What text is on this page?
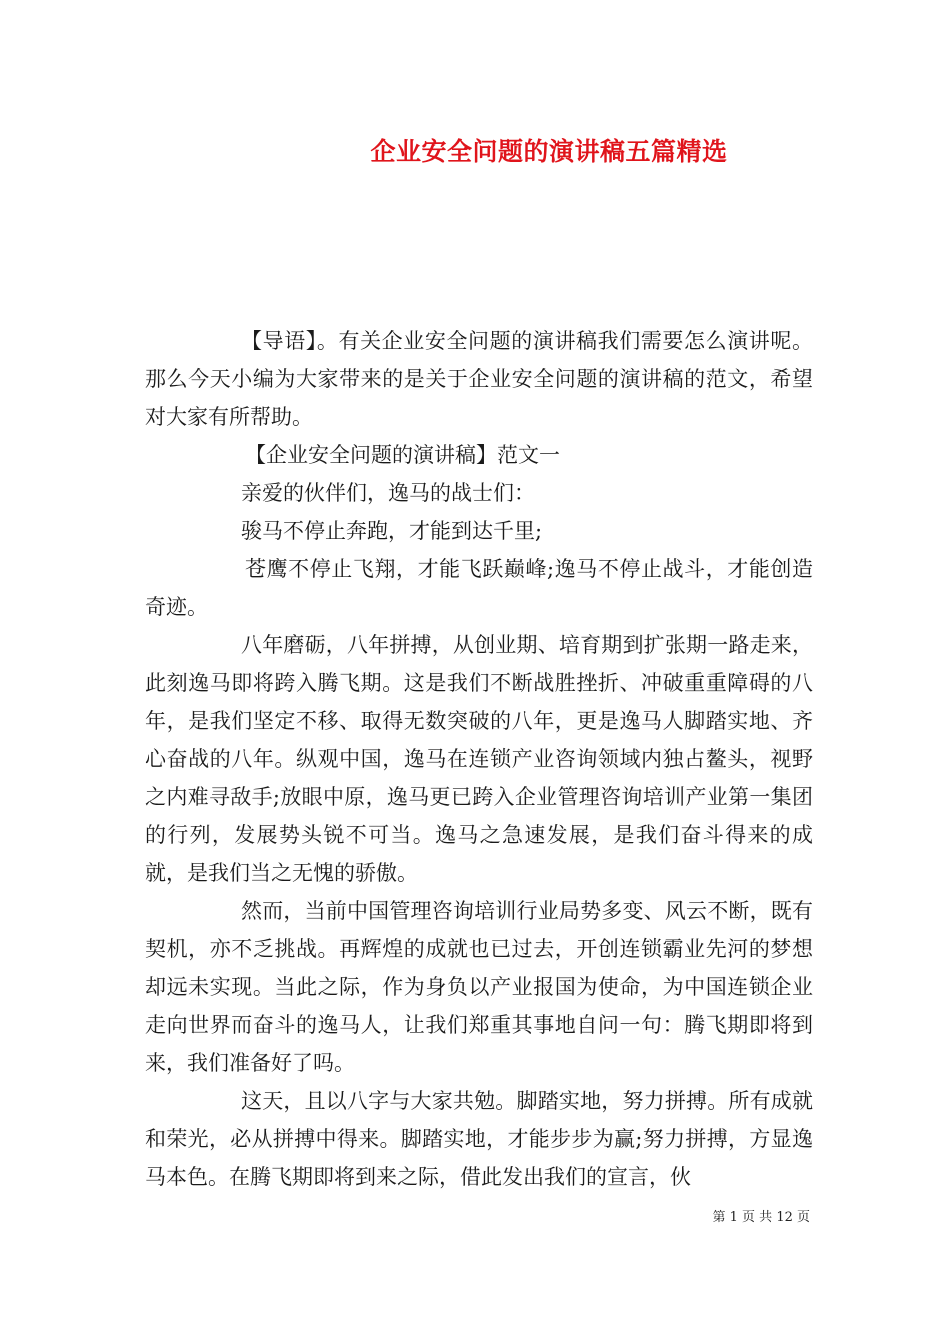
企业安全问题的演讲稿五篇精选

【导语】。有关企业安全问题的演讲稿我们需要怎么演讲呢。那么今天小编为大家带来的是关于企业安全问题的演讲稿的范文，希望对大家有所帮助。

【企业安全问题的演讲稿】范文一

亲爱的伙伴们，逸马的战士们：

骏马不停止奔跑，才能到达千里;

苍鹰不停止飞翔，才能飞跃巅峰;逸马不停止战斗，才能创造奇迹。

八年磨砺，八年拼搏，从创业期、培育期到扩张期一路走来，此刻逸马即将跨入腾飞期。这是我们不断战胜挫折、冲破重重障碍的八年，是我们坚定不移、取得无数突破的八年，更是逸马人脚踏实地、齐心奋战的八年。纵观中国，逸马在连锁产业咨询领域内独占鳌头，视野之内难寻敌手;放眼中原，逸马更已跨入企业管理咨询培训产业第一集团的行列，发展势头锐不可当。逸马之急速发展，是我们奋斗得来的成就，是我们当之无愧的骄傲。

然而，当前中国管理咨询培训行业局势多变、风云不断，既有契机，亦不乏挑战。再辉煌的成就也已过去，开创连锁霸业先河的梦想却远未实现。当此之际，作为身负以产业报国为使命，为中国连锁企业走向世界而奋斗的逸马人，让我们郑重其事地自问一句：腾飞期即将到来，我们准备好了吗。

这天，且以八字与大家共勉。脚踏实地，努力拼搏。所有成就和荣光，必从拼搏中得来。脚踏实地，才能步步为赢;努力拼搏，方显逸马本色。在腾飞期即将到来之际，借此发出我们的宣言，伙

第 1 页 共 12 页
